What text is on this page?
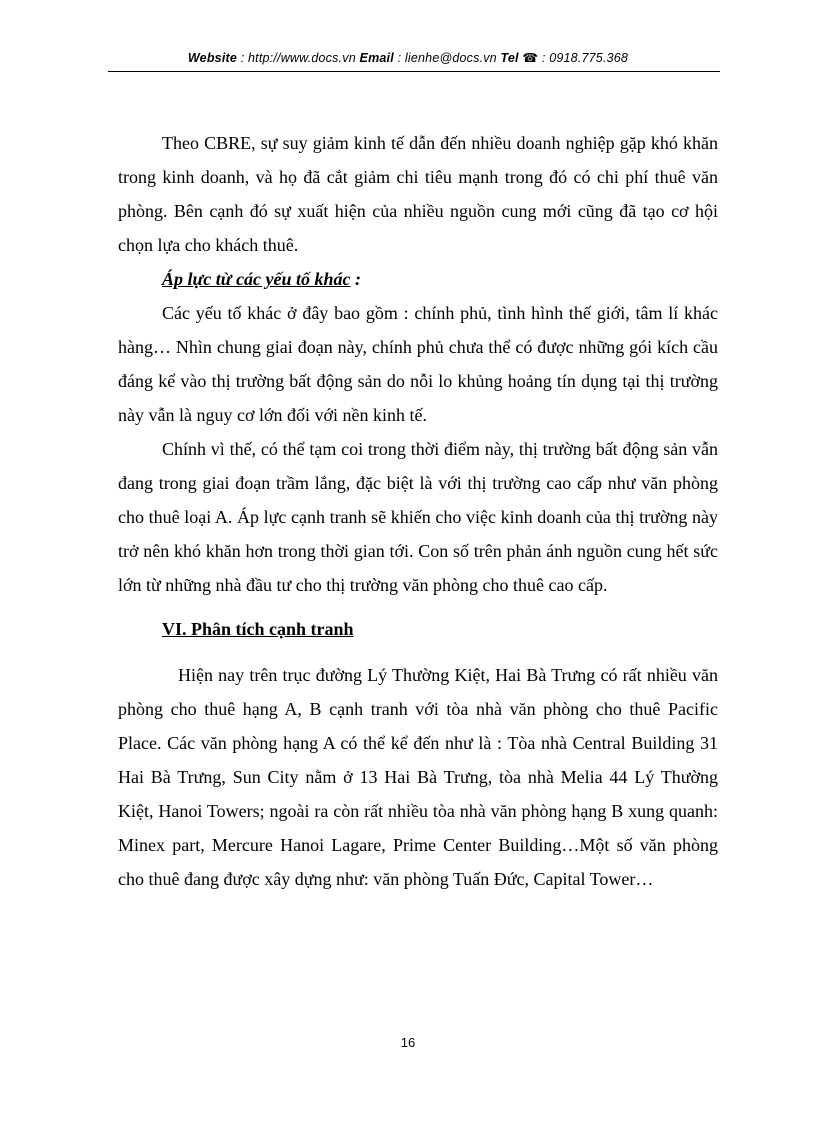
Website : http://www.docs.vn Email : lienhe@docs.vn Tel ☎ : 0918.775.368

Theo CBRE, sự suy giảm kinh tế dẫn đến nhiều doanh nghiệp gặp khó khăn trong kinh doanh, và họ đã cắt giảm chi tiêu mạnh trong đó có chi phí thuê văn phòng. Bên cạnh đó sự xuất hiện của nhiều nguồn cung mới cũng đã tạo cơ hội chọn lựa cho khách thuê.

Áp lực từ các yếu tố khác :

Các yếu tố khác ở đây bao gồm : chính phủ, tình hình thế giới, tâm lí khác hàng… Nhìn chung giai đoạn này, chính phủ chưa thể có được những gói kích cầu đáng kể vào thị trường bất động sản do nỗi lo khủng hoảng tín dụng tại thị trường này vẫn là nguy cơ lớn đối với nền kinh tế.

Chính vì thế, có thể tạm coi trong thời điểm này, thị trường bất động sản vẫn đang trong giai đoạn trầm lắng, đặc biệt là với thị trường cao cấp như văn phòng cho thuê loại A. Áp lực cạnh tranh sẽ khiến cho việc kinh doanh của thị trường này trở nên khó khăn hơn trong thời gian tới. Con số trên phản ánh nguồn cung hết sức lớn từ những nhà đầu tư cho thị trường văn phòng cho thuê cao cấp.

VI. Phân tích cạnh tranh

Hiện nay trên trục đường Lý Thường Kiệt, Hai Bà Trưng có rất nhiều văn phòng cho thuê hạng A, B cạnh tranh với tòa nhà văn phòng cho thuê Pacific Place. Các văn phòng hạng A có thể kể đến như là : Tòa nhà Central Building 31 Hai Bà Trưng, Sun City nằm ở 13 Hai Bà Trưng, tòa nhà Melia 44 Lý Thường Kiệt, Hanoi Towers; ngoài ra còn rất nhiều tòa nhà văn phòng hạng B xung quanh: Minex part, Mercure Hanoi Lagare, Prime Center Building…Một số văn phòng cho thuê đang được xây dựng như: văn phòng Tuấn Đức, Capital Tower…

16
